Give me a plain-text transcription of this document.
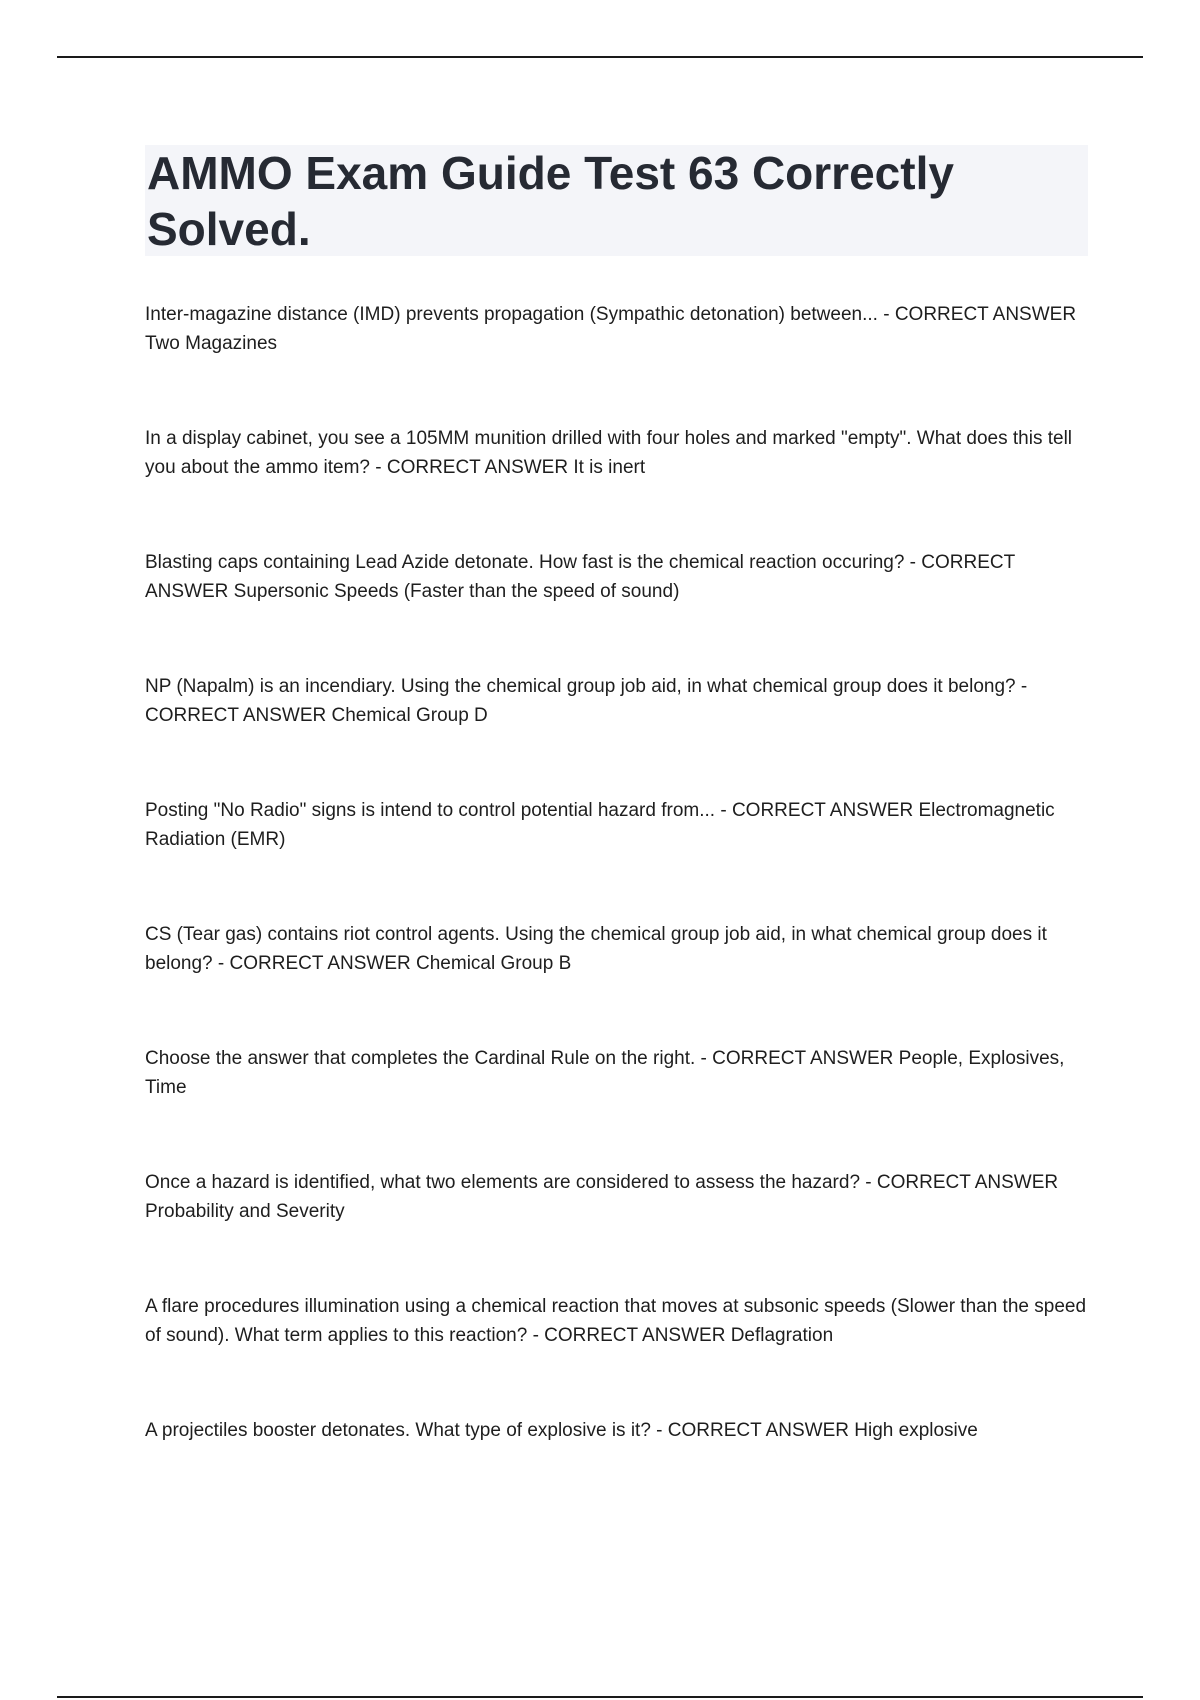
AMMO Exam Guide Test 63 Correctly Solved.

Inter-magazine distance (IMD) prevents propagation (Sympathic detonation) between... - CORRECT ANSWER Two Magazines

In a display cabinet, you see a 105MM munition drilled with four holes and marked "empty". What does this tell you about the ammo item? - CORRECT ANSWER It is inert

Blasting caps containing Lead Azide detonate. How fast is the chemical reaction occuring? - CORRECT ANSWER Supersonic Speeds (Faster than the speed of sound)

NP (Napalm) is an incendiary. Using the chemical group job aid, in what chemical group does it belong? - CORRECT ANSWER Chemical Group D

Posting "No Radio" signs is intend to control potential hazard from... - CORRECT ANSWER Electromagnetic Radiation (EMR)

CS (Tear gas) contains riot control agents. Using the chemical group job aid, in what chemical group does it belong? - CORRECT ANSWER Chemical Group B

Choose the answer that completes the Cardinal Rule on the right. - CORRECT ANSWER People, Explosives, Time

Once a hazard is identified, what two elements are considered to assess the hazard? - CORRECT ANSWER Probability and Severity

A flare procedures illumination using a chemical reaction that moves at subsonic speeds (Slower than the speed of sound). What term applies to this reaction? - CORRECT ANSWER Deflagration

A projectiles booster detonates. What type of explosive is it? - CORRECT ANSWER High explosive
